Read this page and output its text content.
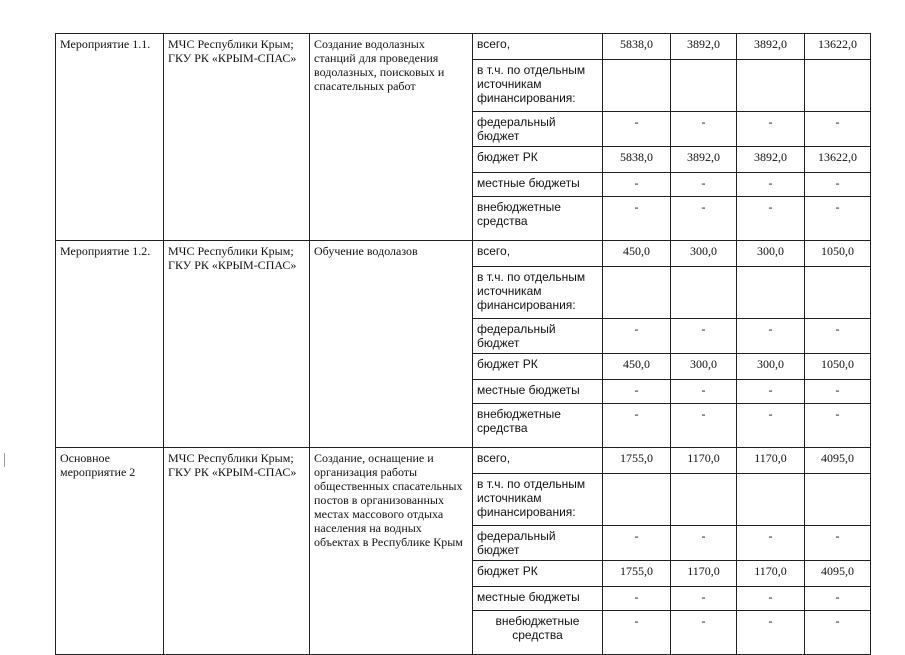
Мероприятие 1.1.	МЧС Республики Крым; ГКУ РК «КРЫМ-СПАС»	Создание водолазных станций для проведения водолазных, поисковых и спасательных работ	всего,	5838,0	3892,0	3892,0	13622,0
			в т.ч. по отдельным источникам финансирования:				
			федеральный бюджет	-	-	-	-
			бюджет РК	5838,0	3892,0	3892,0	13622,0
			местные бюджеты	-	-	-	-
			внебюджетные средства	-	-	-	-
Мероприятие 1.2.	МЧС Республики Крым; ГКУ РК «КРЫМ-СПАС»	Обучение водолазов	всего,	450,0	300,0	300,0	1050,0
			в т.ч. по отдельным источникам финансирования:				
			федеральный бюджет	-	-	-	-
			бюджет РК	450,0	300,0	300,0	1050,0
			местные бюджеты	-	-	-	-
			внебюджетные средства	-	-	-	-
Основное мероприятие 2	МЧС Республики Крым; ГКУ РК «КРЫМ-СПАС»	Создание, оснащение и организация работы общественных спасательных постов в организованных местах массового отдыха населения на водных объектах в Республике Крым	всего,	1755,0	1170,0	1170,0	4095,0
			в т.ч. по отдельным источникам финансирования:				
			федеральный бюджет	-	-	-	-
			бюджет РК	1755,0	1170,0	1170,0	4095,0
			местные бюджеты	-	-	-	-
			внебюджетные средства	-	-	-	-
